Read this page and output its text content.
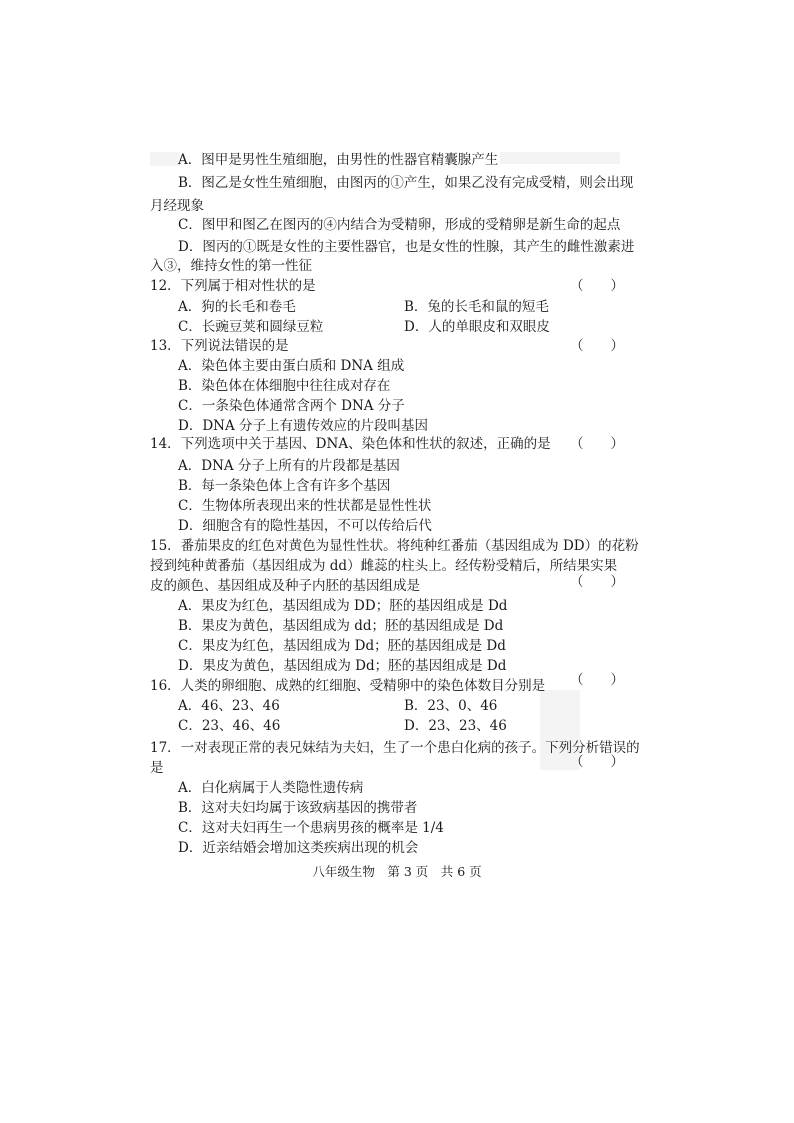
A．图甲是男性生殖细胞，由男性的性器官精囊腺产生
B．图乙是女性生殖细胞，由图丙的①产生，如果乙没有完成受精，则会出现
月经现象
C．图甲和图乙在图丙的④内结合为受精卵，形成的受精卵是新生命的起点
D．图丙的①既是女性的主要性器官，也是女性的性腺，其产生的雌性激素进
入③，维持女性的第一性征
12．下列属于相对性状的是	（　　）
A．狗的长毛和卷毛	B．兔的长毛和鼠的短毛
C．长豌豆荚和圆绿豆粒	D．人的单眼皮和双眼皮
13．下列说法错误的是	（　　）
A．染色体主要由蛋白质和 DNA 组成
B．染色体在体细胞中往往成对存在
C．一条染色体通常含两个 DNA 分子
D．DNA 分子上有遗传效应的片段叫基因
14．下列选项中关于基因、DNA、染色体和性状的叙述，正确的是 （　　）
A．DNA 分子上所有的片段都是基因
B．每一条染色体上含有许多个基因
C．生物体所表现出来的性状都是显性性状
D．细胞含有的隐性基因，不可以传给后代
15．番茄果皮的红色对黄色为显性性状。将纯种红番茄（基因组成为 DD）的花粉
授到纯种黄番茄（基因组成为 dd）雌蕊的柱头上。经传粉受精后，所结果实果
皮的颜色、基因组成及种子内胚的基因组成是	（　　）
A．果皮为红色，基因组成为 DD；胚的基因组成是 Dd
B．果皮为黄色，基因组成为 dd；胚的基因组成是 Dd
C．果皮为红色，基因组成为 Dd；胚的基因组成是 Dd
D．果皮为黄色，基因组成为 Dd；胚的基因组成是 Dd
16．人类的卵细胞、成熟的红细胞、受精卵中的染色体数目分别是 （　　）
A．46、23、46	B．23、0、46
C．23、46、46	D．23、23、46
17．一对表现正常的表兄妹结为夫妇，生了一个患白化病的孩子。下列分析错误的
是	（　　）
A．白化病属于人类隐性遗传病
B．这对夫妇均属于该致病基因的携带者
C．这对夫妇再生一个患病男孩的概率是 1/4
D．近亲结婚会增加这类疾病出现的机会
八年级生物　第 3 页　共 6 页
